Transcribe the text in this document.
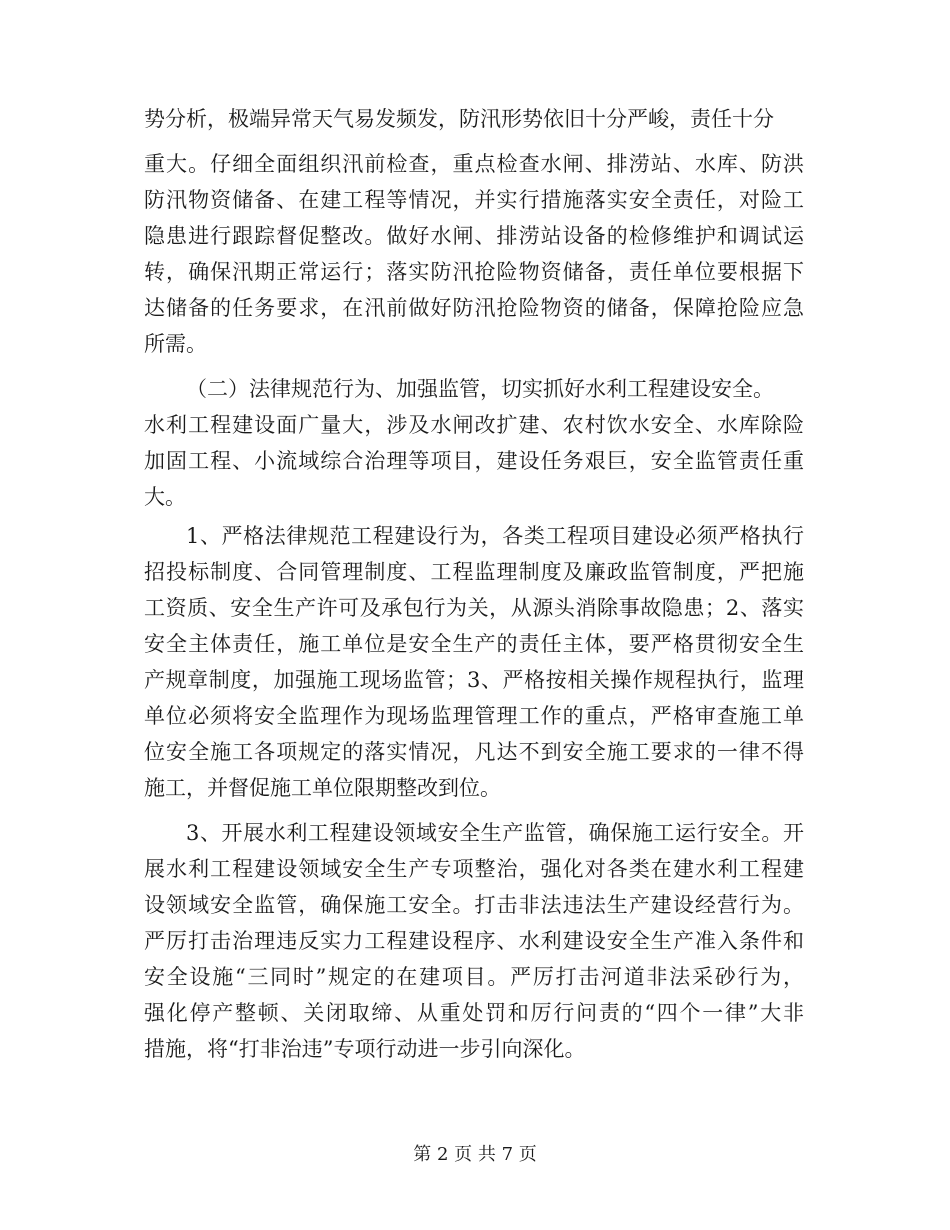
势分析，极端异常天气易发频发，防汛形势依旧十分严峻，责任十分
重大。仔细全面组织汛前检查，重点检查水闸、排涝站、水库、防洪
防汛物资储备、在建工程等情况，并实行措施落实安全责任，对险工
隐患进行跟踪督促整改。做好水闸、排涝站设备的检修维护和调试运
转，确保汛期正常运行；落实防汛抢险物资储备，责任单位要根据下
达储备的任务要求，在汛前做好防汛抢险物资的储备，保障抢险应急
所需。
（二）法律规范行为、加强监管，切实抓好水利工程建设安全。
水利工程建设面广量大，涉及水闸改扩建、农村饮水安全、水库除险
加固工程、小流域综合治理等项目，建设任务艰巨，安全监管责任重
大。
1、严格法律规范工程建设行为，各类工程项目建设必须严格执行
招投标制度、合同管理制度、工程监理制度及廉政监管制度，严把施
工资质、安全生产许可及承包行为关，从源头消除事故隐患；2、落实
安全主体责任，施工单位是安全生产的责任主体，要严格贯彻安全生
产规章制度，加强施工现场监管；3、严格按相关操作规程执行，监理
单位必须将安全监理作为现场监理管理工作的重点，严格审查施工单
位安全施工各项规定的落实情况，凡达不到安全施工要求的一律不得
施工，并督促施工单位限期整改到位。
3、开展水利工程建设领域安全生产监管，确保施工运行安全。开
展水利工程建设领域安全生产专项整治，强化对各类在建水利工程建
设领域安全监管，确保施工安全。打击非法违法生产建设经营行为。
严厉打击治理违反实力工程建设程序、水利建设安全生产准入条件和
安全设施“三同时”规定的在建项目。严厉打击河道非法采砂行为，
强化停产整顿、关闭取缔、从重处罚和厉行问责的“四个一律”大非
措施，将“打非治违”专项行动进一步引向深化。
第 2 页 共 7 页
